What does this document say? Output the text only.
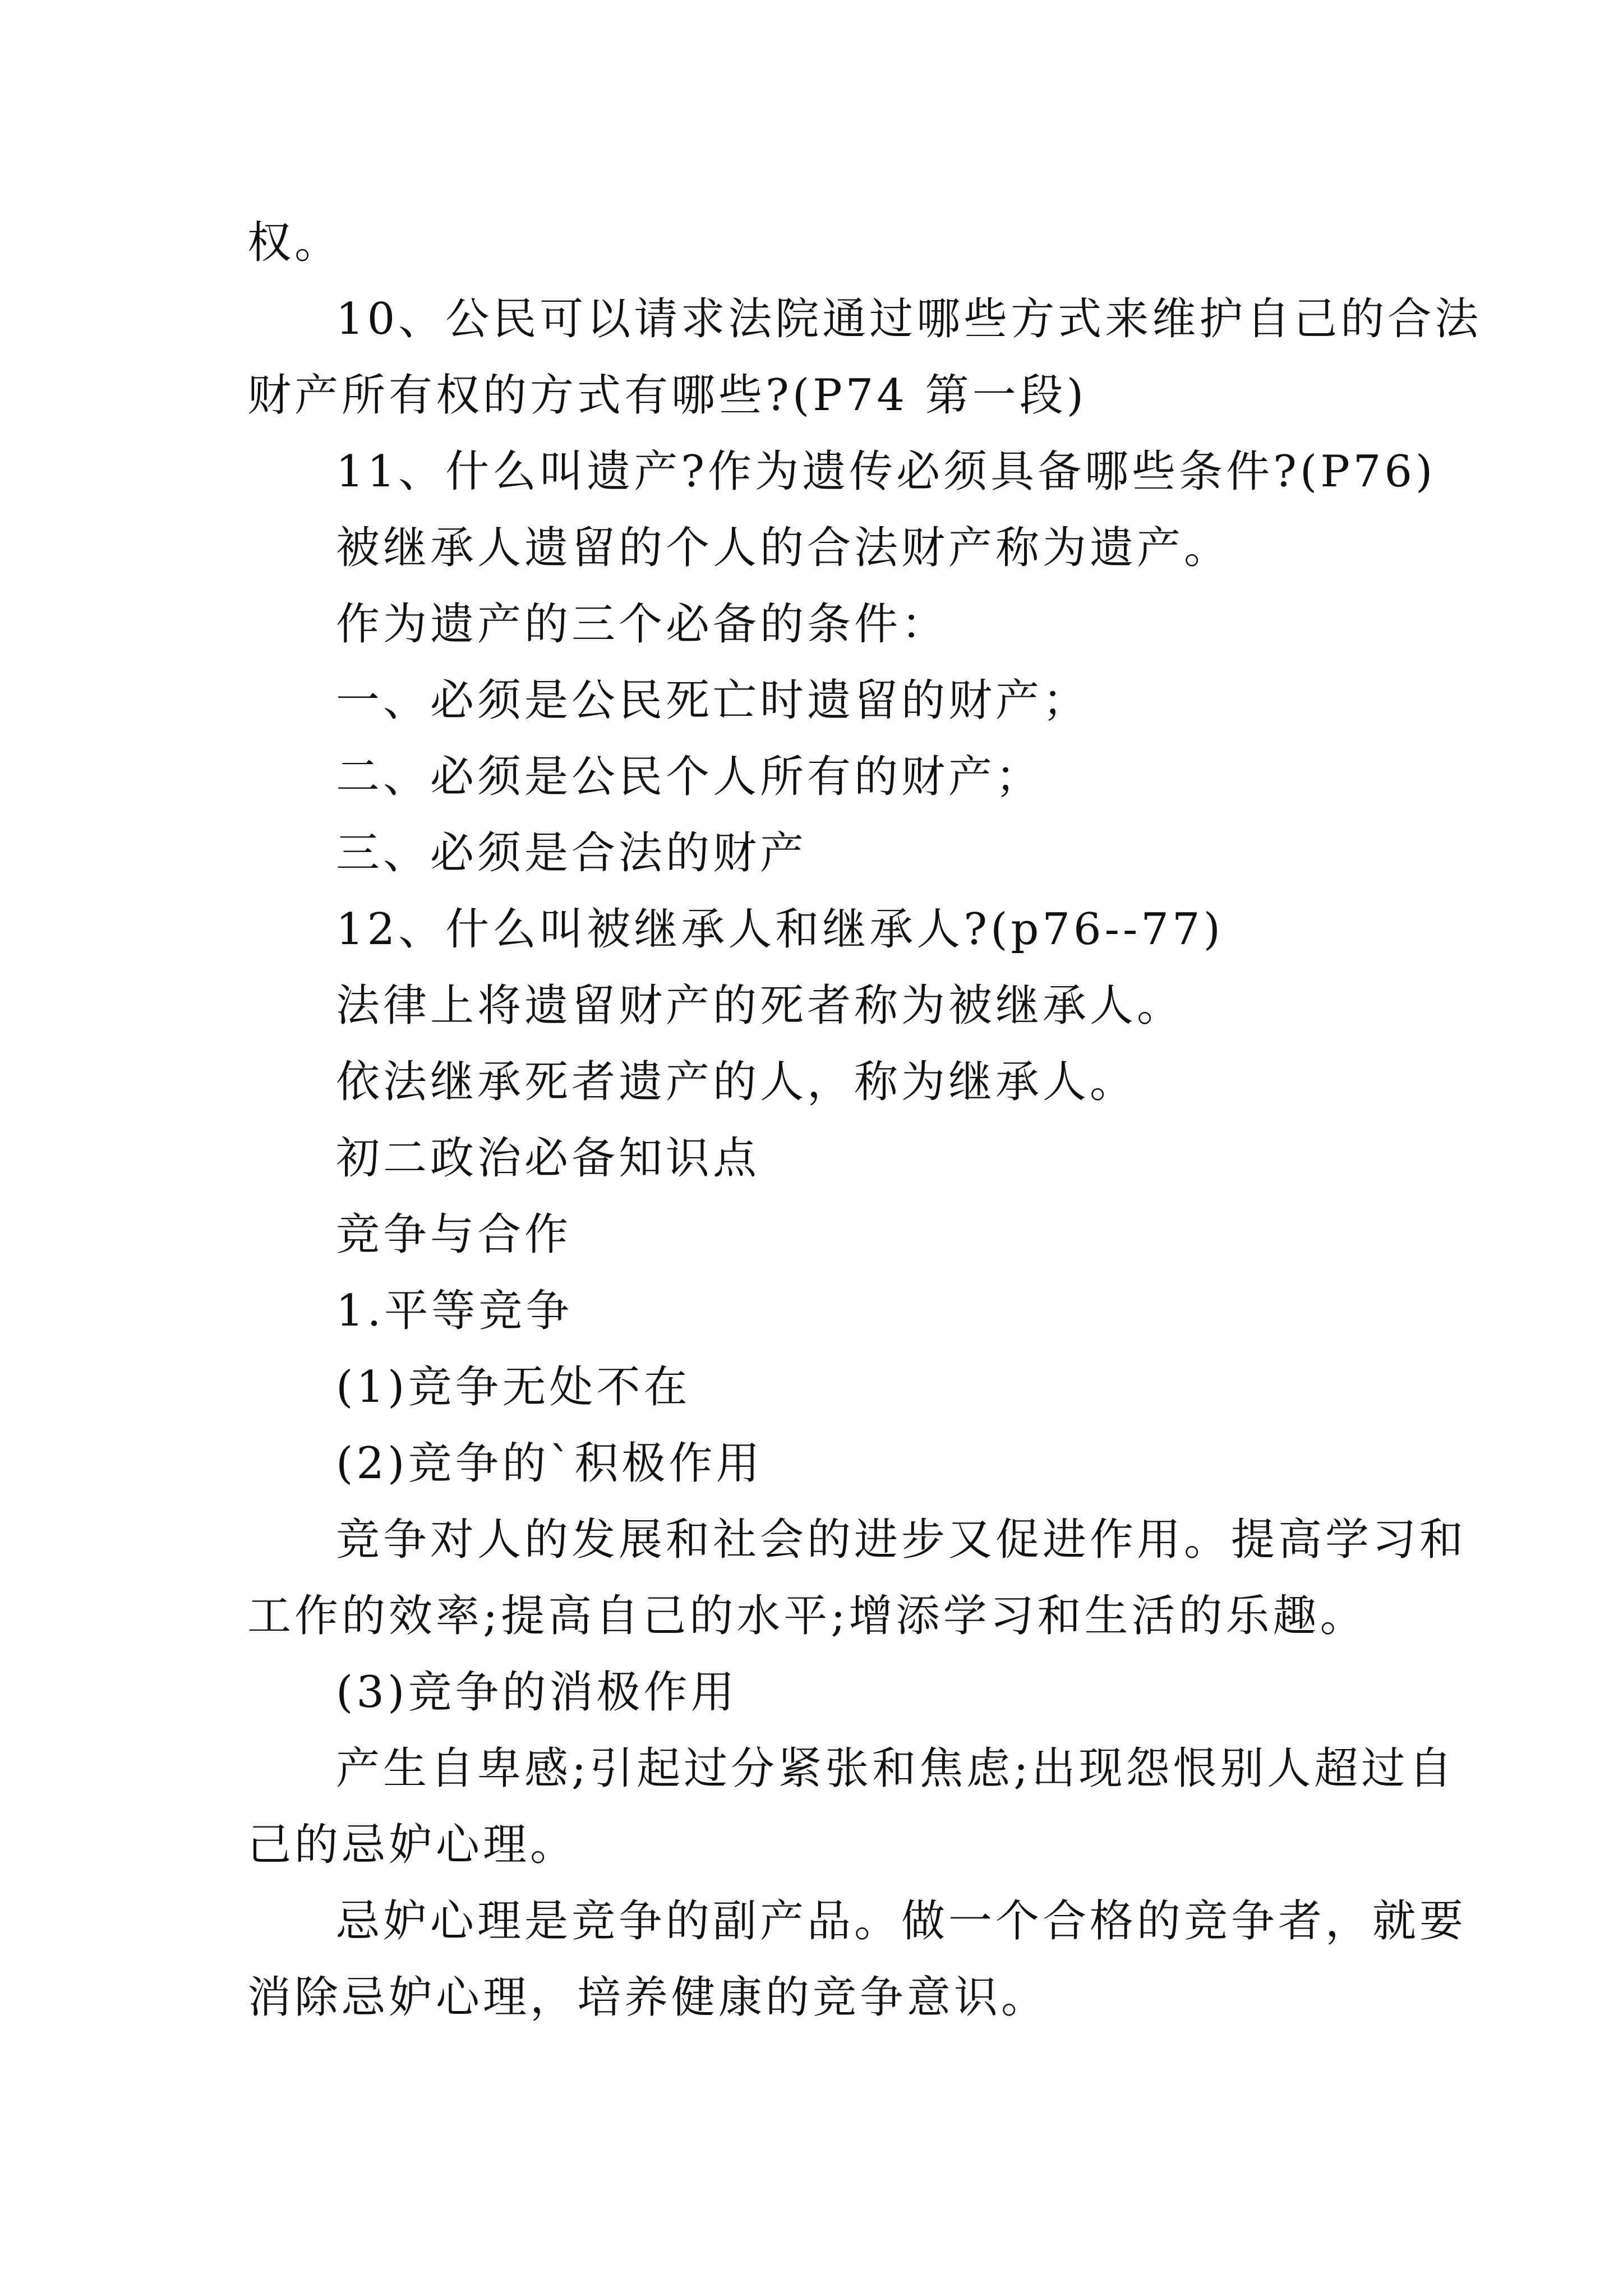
权。
10、公民可以请求法院通过哪些方式来维护自己的合法
财产所有权的方式有哪些?(P74 第一段)
11、什么叫遗产?作为遗传必须具备哪些条件?(P76)
被继承人遗留的个人的合法财产称为遗产。
作为遗产的三个必备的条件：
一、必须是公民死亡时遗留的财产；
二、必须是公民个人所有的财产；
三、必须是合法的财产
12、什么叫被继承人和继承人?(p76--77)
法律上将遗留财产的死者称为被继承人。
依法继承死者遗产的人，称为继承人。
初二政治必备知识点
竞争与合作
1.平等竞争
(1)竞争无处不在
(2)竞争的`积极作用
竞争对人的发展和社会的进步又促进作用。提高学习和
工作的效率;提高自己的水平;增添学习和生活的乐趣。
(3)竞争的消极作用
产生自卑感;引起过分紧张和焦虑;出现怨恨别人超过自
己的忌妒心理。
忌妒心理是竞争的副产品。做一个合格的竞争者，就要
消除忌妒心理，培养健康的竞争意识。
